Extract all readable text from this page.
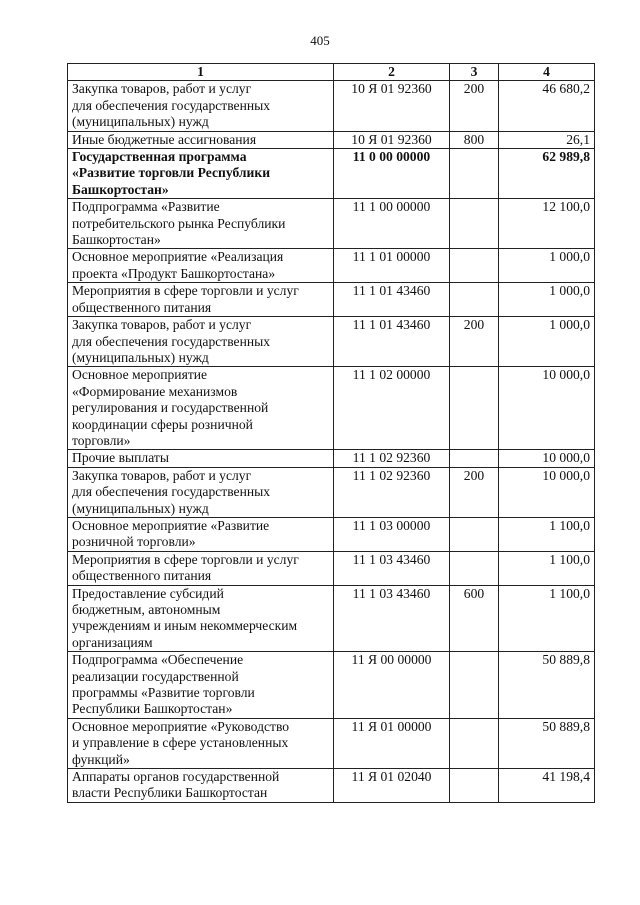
405
1	2	3	4
Закупка товаров, работ и услуг
для обеспечения государственных
(муниципальных) нужд	10 Я 01 92360	200	46 680,2
Иные бюджетные ассигнования	10 Я 01 92360	800	26,1
Государственная программа
«Развитие торговли Республики
Башкортостан»	11 0 00 00000		62 989,8
Подпрограмма «Развитие
потребительского рынка Республики
Башкортостан»	11 1 00 00000		12 100,0
Основное мероприятие «Реализация
проекта «Продукт Башкортостана»	11 1 01 00000		1 000,0
Мероприятия в сфере торговли и услуг
общественного питания	11 1 01 43460		1 000,0
Закупка товаров, работ и услуг
для обеспечения государственных
(муниципальных) нужд	11 1 01 43460	200	1 000,0
Основное мероприятие
«Формирование механизмов
регулирования и государственной
координации сферы розничной
торговли»	11 1 02 00000		10 000,0
Прочие выплаты	11 1 02 92360		10 000,0
Закупка товаров, работ и услуг
для обеспечения государственных
(муниципальных) нужд	11 1 02 92360	200	10 000,0
Основное мероприятие «Развитие
розничной торговли»	11 1 03 00000		1 100,0
Мероприятия в сфере торговли и услуг
общественного питания	11 1 03 43460		1 100,0
Предоставление субсидий
бюджетным, автономным
учреждениям и иным некоммерческим
организациям	11 1 03 43460	600	1 100,0
Подпрограмма «Обеспечение
реализации государственной
программы «Развитие торговли
Республики Башкортостан»	11 Я 00 00000		50 889,8
Основное мероприятие «Руководство
и управление в сфере установленных
функций»	11 Я 01 00000		50 889,8
Аппараты органов государственной
власти Республики Башкортостан	11 Я 01 02040		41 198,4
